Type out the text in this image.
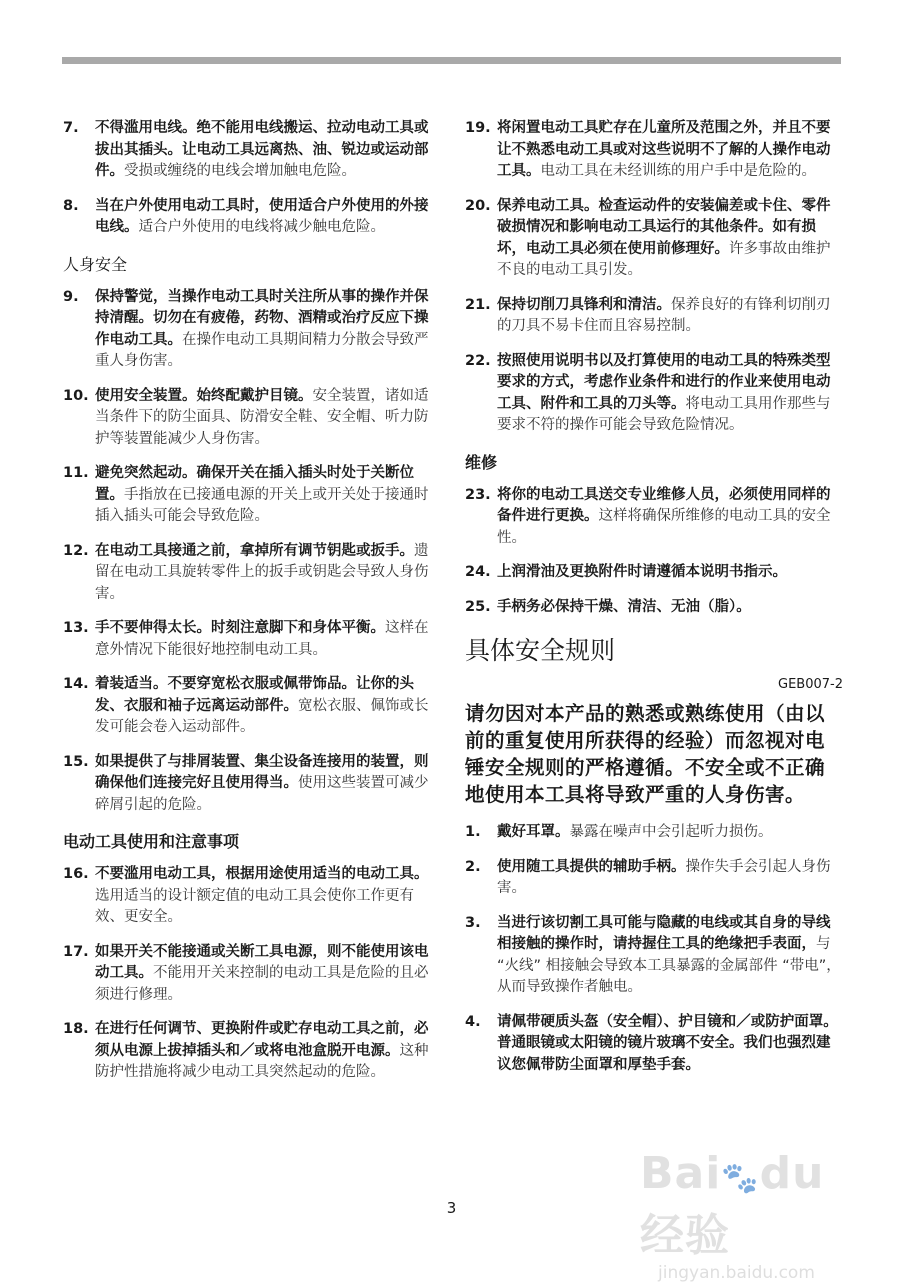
7.	不得滥用电线。绝不能用电线搬运、拉动电动工具或拔出其插头。让电动工具远离热、油、锐边或运动部件。受损或缠绕的电线会增加触电危险。
8.	当在户外使用电动工具时，使用适合户外使用的外接电线。适合户外使用的电线将减少触电危险。
人身安全
9.	保持警觉，当操作电动工具时关注所从事的操作并保持清醒。切勿在有疲倦，药物、酒精或治疗反应下操作电动工具。在操作电动工具期间精力分散会导致严重人身伤害。
10. 使用安全装置。始终配戴护目镜。安全装置，诸如适当条件下的防尘面具、防滑安全鞋、安全帽、听力防护等装置能减少人身伤害。
11. 避免突然起动。确保开关在插入插头时处于关断位置。手指放在已接通电源的开关上或开关处于接通时插入插头可能会导致危险。
12. 在电动工具接通之前，拿掉所有调节钥匙或扳手。遗留在电动工具旋转零件上的扳手或钥匙会导致人身伤害。
13. 手不要伸得太长。时刻注意脚下和身体平衡。这样在意外情况下能很好地控制电动工具。
14. 着装适当。不要穿宽松衣服或佩带饰品。让你的头发、衣服和袖子远离运动部件。宽松衣服、佩饰或长发可能会卷入运动部件。
15. 如果提供了与排屑装置、集尘设备连接用的装置，则确保他们连接完好且使用得当。使用这些装置可减少碎屑引起的危险。
电动工具使用和注意事项
16. 不要滥用电动工具，根据用途使用适当的电动工具。选用适当的设计额定值的电动工具会使你工作更有效、更安全。
17. 如果开关不能接通或关断工具电源，则不能使用该电动工具。不能用开关来控制的电动工具是危险的且必须进行修理。
18. 在进行任何调节、更换附件或贮存电动工具之前，必须从电源上拔掉插头和／或将电池盒脱开电源。这种防护性措施将减少电动工具突然起动的危险。
19. 将闲置电动工具贮存在儿童所及范围之外，并且不要让不熟悉电动工具或对这些说明不了解的人操作电动工具。电动工具在未经训练的用户手中是危险的。
20. 保养电动工具。检查运动件的安装偏差或卡住、零件破损情况和影响电动工具运行的其他条件。如有损坏，电动工具必须在使用前修理好。许多事故由维护不良的电动工具引发。
21. 保持切削刀具锋利和清洁。保养良好的有锋利切削刃的刀具不易卡住而且容易控制。
22. 按照使用说明书以及打算使用的电动工具的特殊类型要求的方式，考虑作业条件和进行的作业来使用电动工具、附件和工具的刀头等。将电动工具用作那些与要求不符的操作可能会导致危险情况。
维修
23. 将你的电动工具送交专业维修人员，必须使用同样的备件进行更换。这样将确保所维修的电动工具的安全性。
24. 上润滑油及更换附件时请遵循本说明书指示。
25. 手柄务必保持干燥、清洁、无油（脂）。
具体安全规则
GEB007-2
请勿因对本产品的熟悉或熟练使用（由以前的重复使用所获得的经验）而忽视对电锤安全规则的严格遵循。不安全或不正确地使用本工具将导致严重的人身伤害。
1.	戴好耳罩。暴露在噪声中会引起听力损伤。
2.	使用随工具提供的辅助手柄。操作失手会引起人身伤害。
3.	当进行该切割工具可能与隐藏的电线或其自身的导线相接触的操作时，请持握住工具的绝缘把手表面，与 “火线” 相接触会导致本工具暴露的金属部件 “带电”，从而导致操作者触电。
4.	请佩带硬质头盔（安全帽）、护目镜和／或防护面罩。普通眼镜或太阳镜的镜片玻璃不安全。我们也强烈建议您佩带防尘面罩和厚垫手套。
3
Bai🐾du 经验
jingyan.baidu.com
